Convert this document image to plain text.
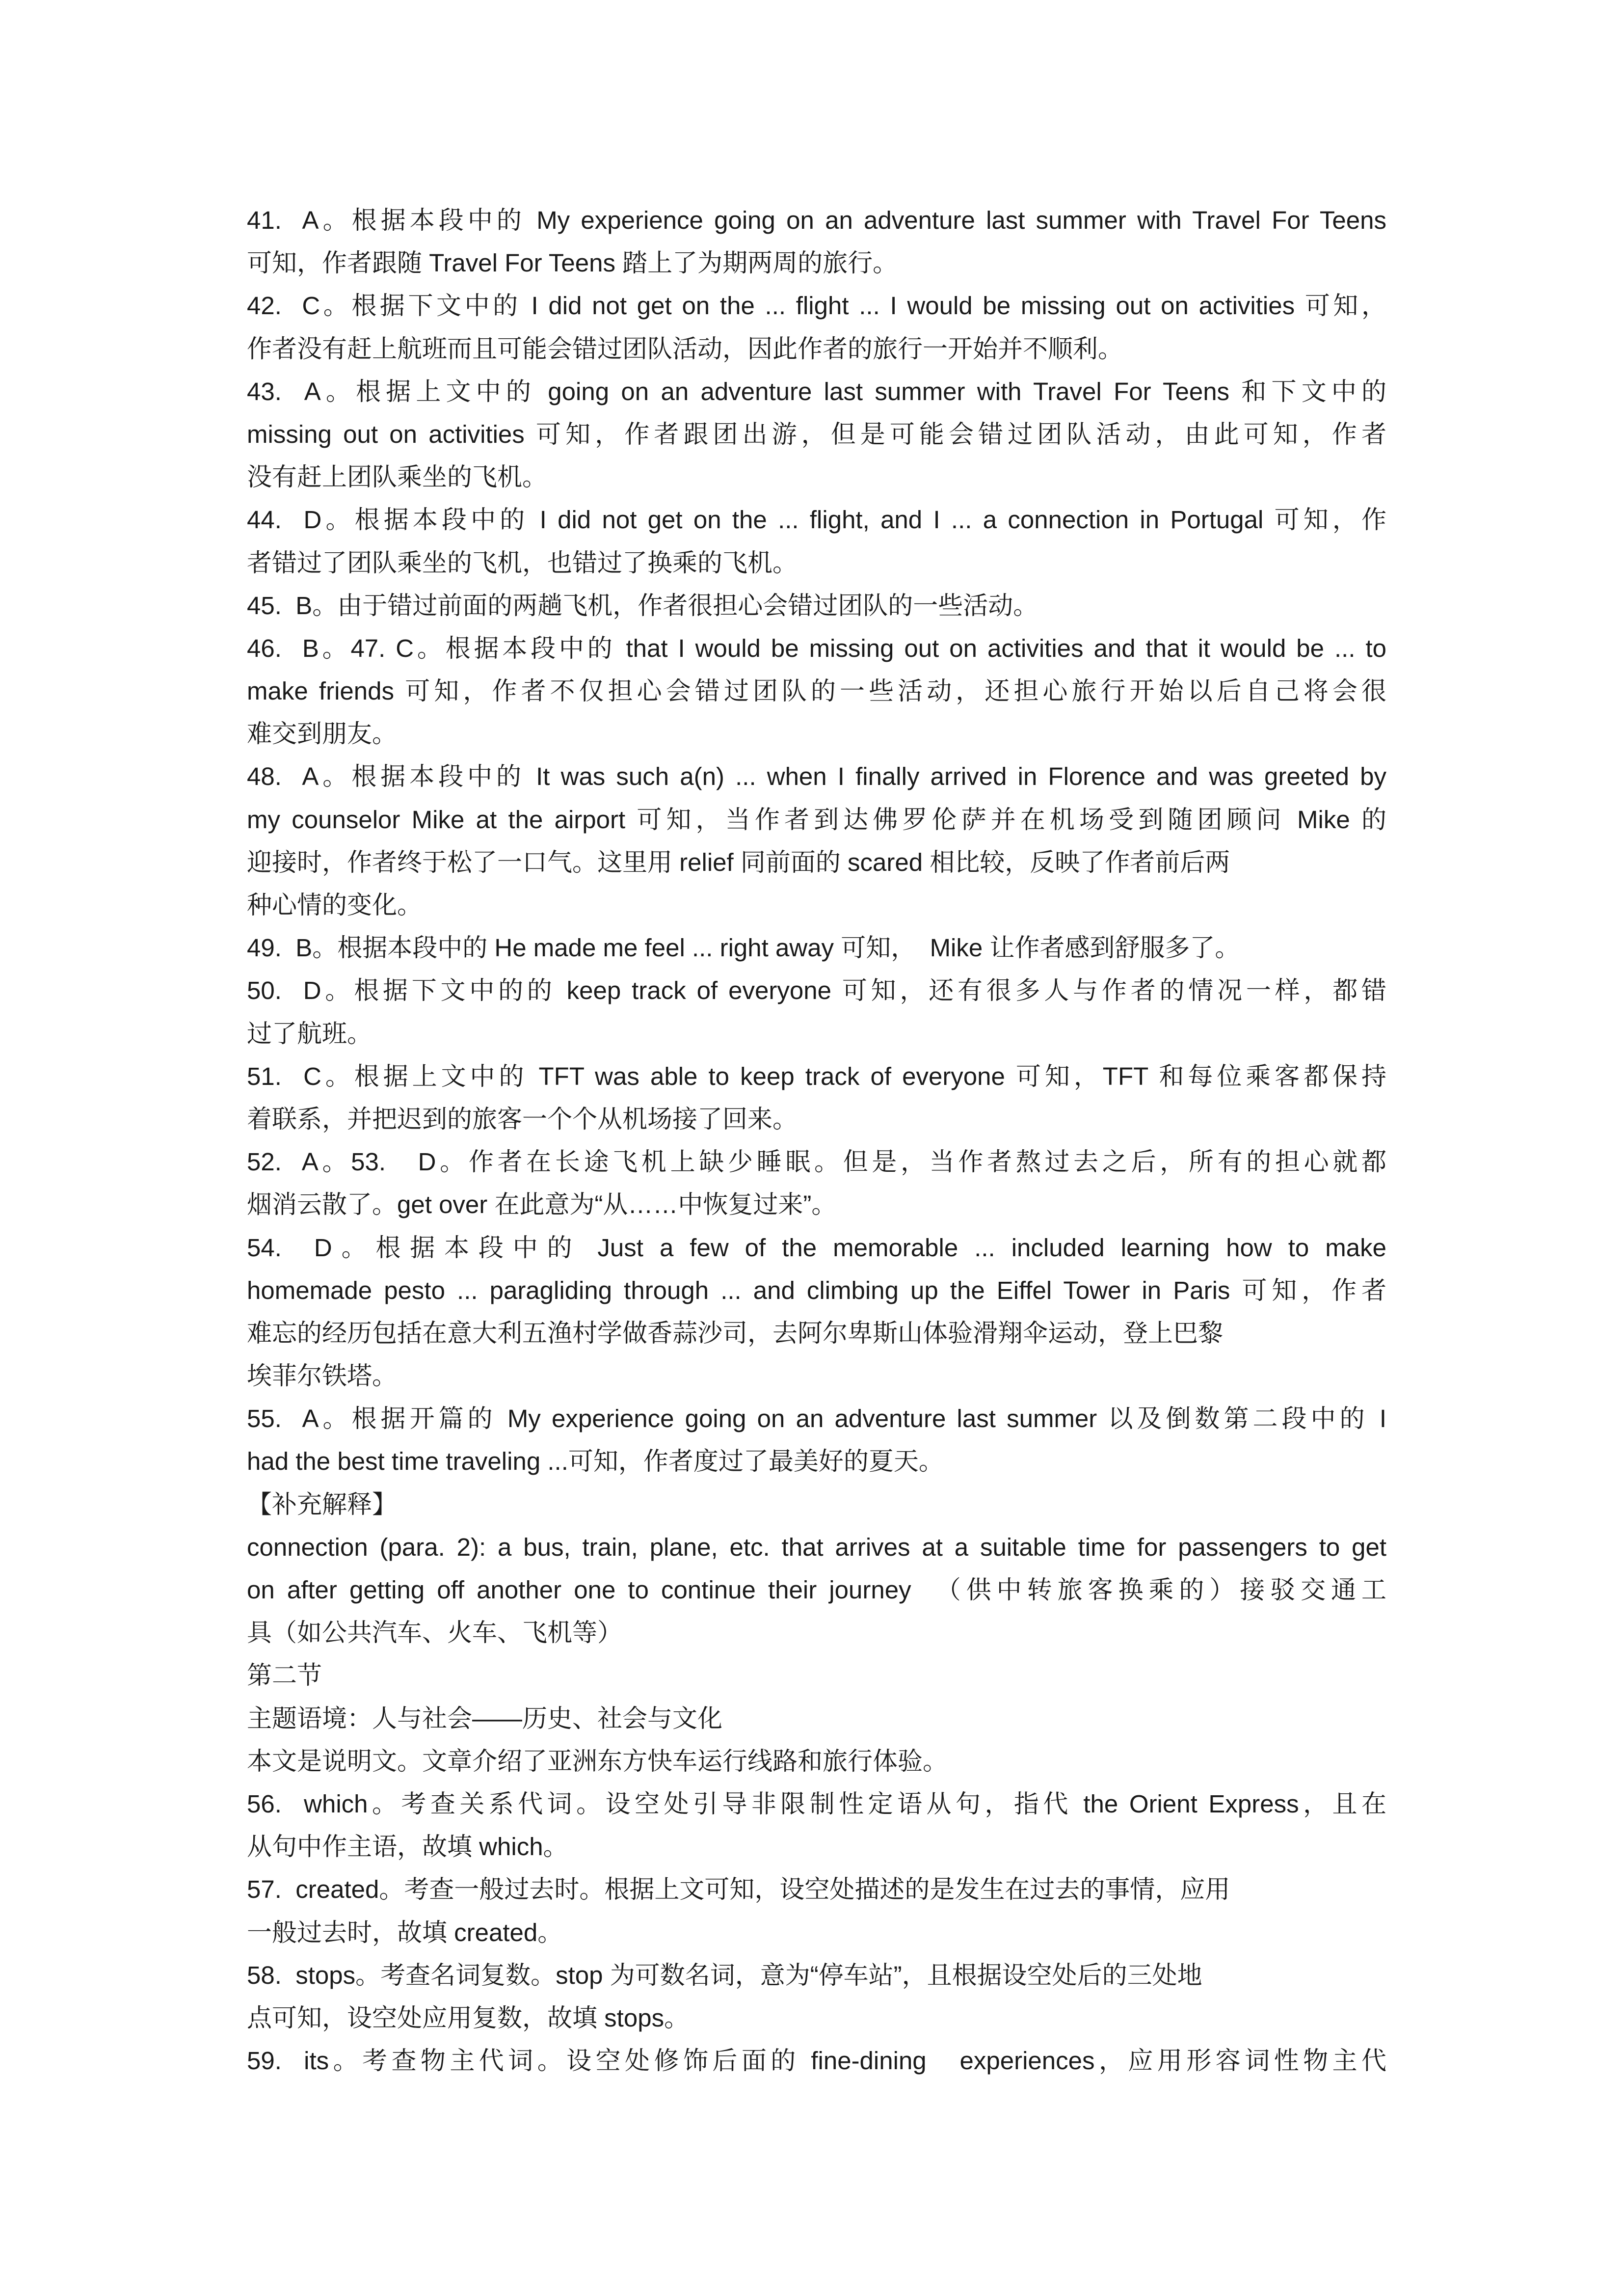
41.  A。根据本段中的 My experience going on an adventure last summer with Travel For Teens
可知，作者跟随 Travel For Teens 踏上了为期两周的旅行。
42.  C。根据下文中的 I did not get on the ... flight ... I would be missing out on activities 可知，
作者没有赶上航班而且可能会错过团队活动，因此作者的旅行一开始并不顺利。
43.  A。根据上文中的 going on an adventure last summer with Travel For Teens 和下文中的
missing out on activities 可知，作者跟团出游，但是可能会错过团队活动，由此可知，作者
没有赶上团队乘坐的飞机。
44.  D。根据本段中的 I did not get on the ... flight, and I ... a connection in Portugal 可知，作
者错过了团队乘坐的飞机，也错过了换乘的飞机。
45.  B。由于错过前面的两趟飞机，作者很担心会错过团队的一些活动。
46.  B。47. C。根据本段中的 that I would be missing out on activities and that it would be ... to
make friends 可知，作者不仅担心会错过团队的一些活动，还担心旅行开始以后自己将会很
难交到朋友。
48.  A。根据本段中的 It was such a(n) ... when I finally arrived in Florence and was greeted by
my counselor Mike at the airport 可知，当作者到达佛罗伦萨并在机场受到随团顾问 Mike 的
迎接时，作者终于松了一口气。这里用 relief 同前面的 scared 相比较，反映了作者前后两
种心情的变化。
49.  B。根据本段中的 He made me feel ... right away 可知，  Mike 让作者感到舒服多了。
50.  D。根据下文中的的 keep track of everyone 可知，还有很多人与作者的情况一样，都错
过了航班。
51.  C。根据上文中的 TFT was able to keep track of everyone 可知，TFT 和每位乘客都保持
着联系，并把迟到的旅客一个个从机场接了回来。
52.  A。53.   D。作者在长途飞机上缺少睡眠。但是，当作者熬过去之后，所有的担心就都
烟消云散了。get over 在此意为“从……中恢复过来”。
54.  D。根据本段中的 Just a few of the memorable ... included learning how to make
homemade pesto ... paragliding through ... and climbing up the Eiffel Tower in Paris 可知，作者
难忘的经历包括在意大利五渔村学做香蒜沙司，去阿尔卑斯山体验滑翔伞运动，登上巴黎
埃菲尔铁塔。
55.  A。根据开篇的 My experience going on an adventure last summer 以及倒数第二段中的 I
had the best time traveling ...可知，作者度过了最美好的夏天。
【补充解释】
connection (para. 2): a bus, train, plane, etc. that arrives at a suitable time for passengers to get
on after getting off another one to continue their journey  （供中转旅客换乘的）接驳交通工
具（如公共汽车、火车、飞机等）
第二节
主题语境：人与社会——历史、社会与文化
本文是说明文。文章介绍了亚洲东方快车运行线路和旅行体验。
56.  which。考查关系代词。设空处引导非限制性定语从句，指代 the Orient Express，且在
从句中作主语，故填 which。
57.  created。考查一般过去时。根据上文可知，设空处描述的是发生在过去的事情，应用
一般过去时，故填 created。
58.  stops。考查名词复数。stop 为可数名词，意为“停车站”，且根据设空处后的三处地
点可知，设空处应用复数，故填 stops。
59.  its。考查物主代词。设空处修饰后面的 fine-dining   experiences，应用形容词性物主代
